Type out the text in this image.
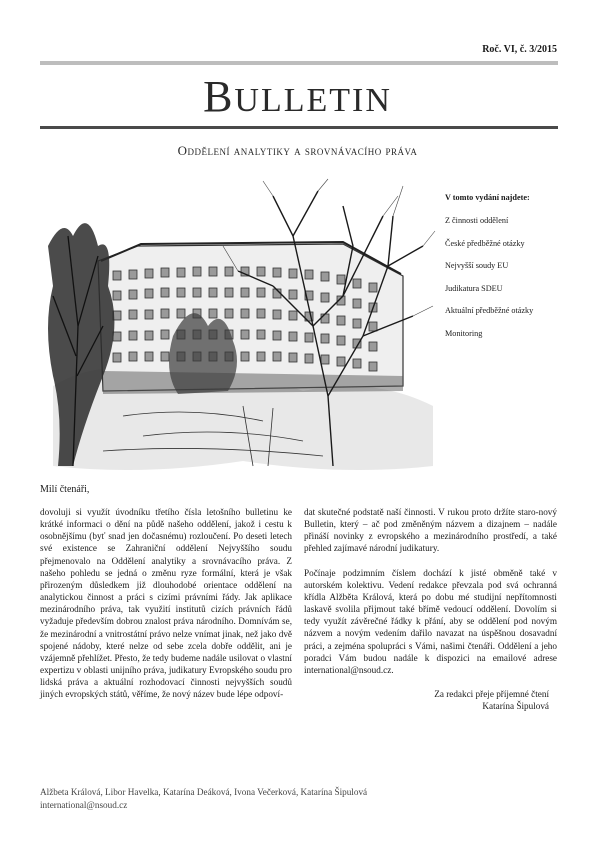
Roč. VI, č. 3/2015
BULLETIN
Oddělení analytiky a srovnávacího práva
V tomto vydání najdete:
Z činnosti oddělení
České předběžné otázky
Nejvyšší soudy EU
Judikatura SDEU
Aktuální předběžné otázky
Monitoring
Milí čtenáři,

dovoluji si využít úvodníku třetího čísla letošního bulletinu ke krátké informaci o dění na půdě našeho oddělení, jakož i cestu k osobnějšímu (byť snad jen dočasnému) rozloučení. Po deseti letech své existence se Zahraniční oddělení Nejvyššího soudu přejmenovalo na Oddělení analytiky a srovnávacího práva. Z našeho pohledu se jedná o změnu ryze formální, která je však přirozeným důsledkem již dlouhodobé orientace oddělení na analytickou činnost a práci s cizími právními řády. Jak aplikace mezinárodního práva, tak využití institutů cizích právních řádů vyžaduje především dobrou znalost práva národního. Domnívám se, že mezinárodní a vnitrostátní právo nelze vnímat jinak, než jako dvě spojené nádoby, které nelze od sebe zcela dobře oddělit, ani je vzájemně přehlížet. Přesto, že tedy budeme nadále usilovat o vlastní expertizu v oblasti unijního práva, judikatury Evropského soudu pro lidská práva a aktuální rozhodovací činnosti nejvyšších soudů jiných evropských států, věříme, že nový název bude lépe odpoví-

dat skutečné podstatě naší činnosti. V rukou proto držíte staro-nový Bulletin, který – ač pod změněným názvem a dizajnem – nadále přináší novinky z evropského a mezinárodního prostředí, a také přehled zajímavé národní judikatury.

Počínaje podzimním číslem dochází k jisté obměně také v autorském kolektivu. Vedení redakce převzala pod svá ochranná křídla Alžběta Králová, která po dobu mé studijní nepřítomnosti laskavě svolila přijmout také břímě vedoucí oddělení. Dovolím si tedy využít závěrečné řádky k přání, aby se oddělení pod novým názvem a novým vedením dařilo navazat na úspěšnou dosavadní práci, a zejména spolupráci s Vámi, našimi čtenáři. Oddělení a jeho poradci Vám budou nadále k dispozici na emailové adrese international@nsoud.cz.

Za redakci přeje příjemné čtení

Katarína Šipulová

Alžbeta Králová, Libor Havelka, Katarína Deáková, Ivona Večerková, Katarína Šipulová
international@nsoud.cz
